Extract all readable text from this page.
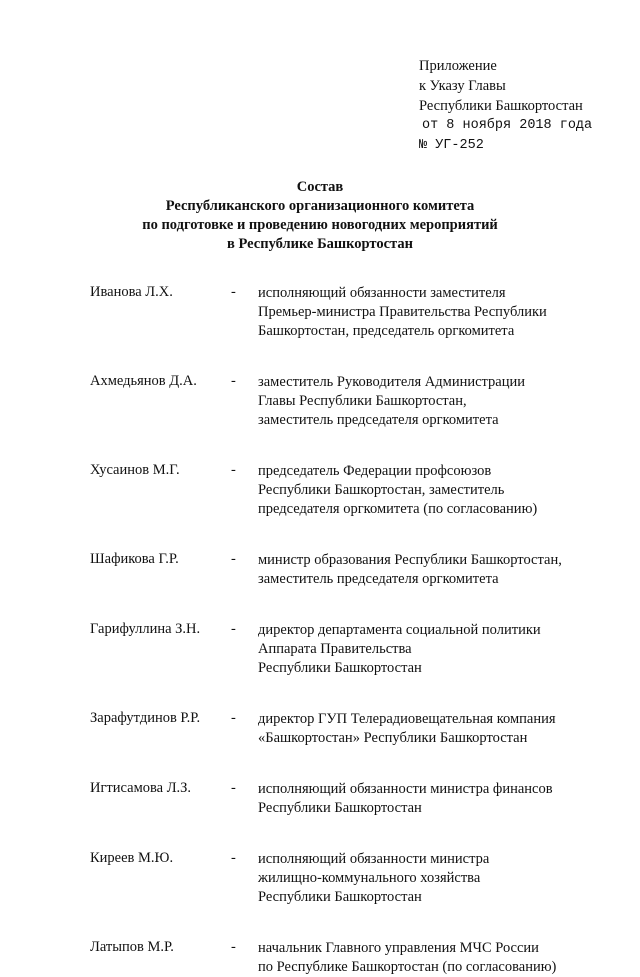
Приложение
к Указу Главы
Республики Башкортостан
от 8 ноября 2018 года
№ УГ-252
Состав
Республиканского организационного комитета
по подготовке и проведению новогодних мероприятий
в Республике Башкортостан
Иванова Л.Х.	- исполняющий обязанности заместителя
Премьер-министра Правительства Республики
Башкортостан, председатель оргкомитета
Ахмедьянов Д.А. - заместитель Руководителя Администрации
Главы Республики Башкортостан,
заместитель председателя оргкомитета
Хусаинов М.Г.	- председатель Федерации профсоюзов
Республики Башкортостан, заместитель
председателя оргкомитета (по согласованию)
Шафикова Г.Р.	- министр образования Республики Башкортостан,
заместитель председателя оргкомитета
Гарифуллина З.Н. - директор департамента социальной политики
Аппарата Правительства
Республики Башкортостан
Зарафутдинов Р.Р. - директор ГУП Телерадиовещательная компания
«Башкортостан» Республики Башкортостан
Игтисамова Л.З.	- исполняющий обязанности министра финансов
Республики Башкортостан
Киреев М.Ю.	- исполняющий обязанности министра
жилищно-коммунального хозяйства
Республики Башкортостан
Латыпов М.Р.	- начальник Главного управления МЧС России
по Республике Башкортостан (по согласованию)
